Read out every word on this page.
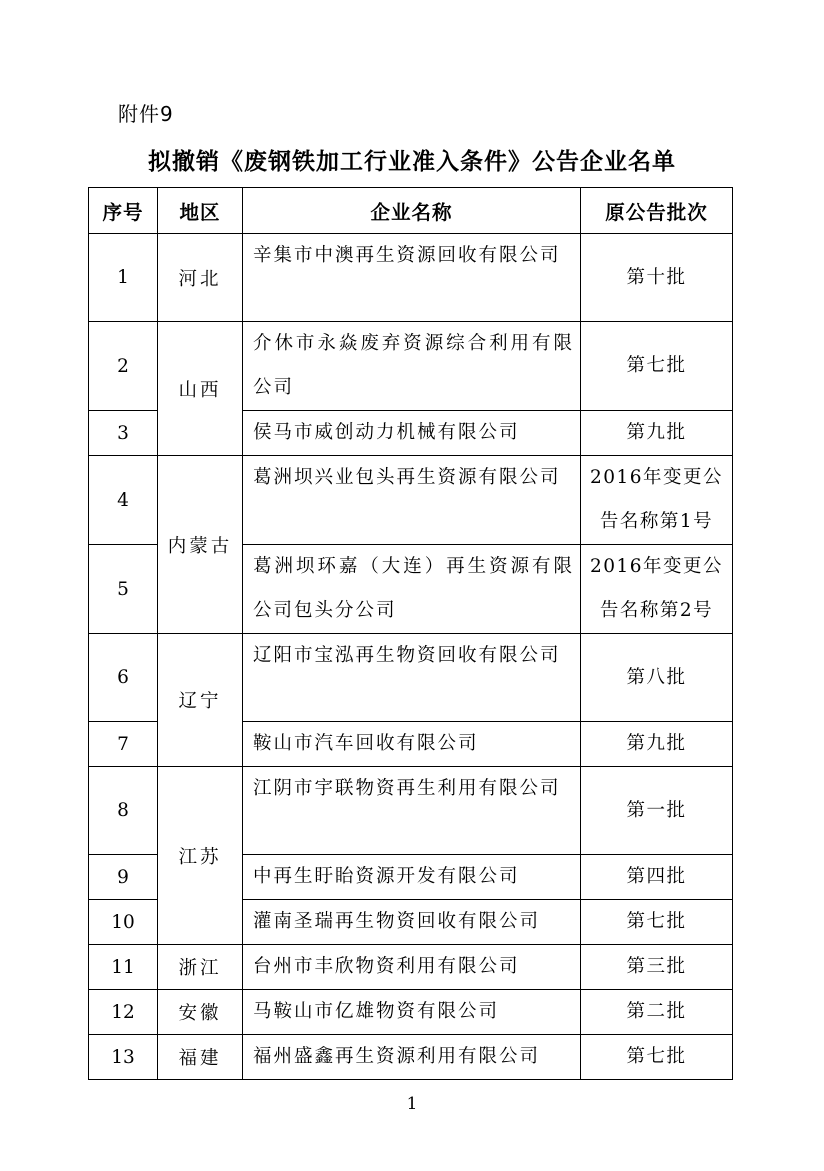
附件9
拟撤销《废钢铁加工行业准入条件》公告企业名单
序号	地区	企业名称	原公告批次
1	河北	辛集市中澳再生资源回收有限公司	第十批
2	山西	介休市永焱废弃资源综合利用有限公司	第七批
3		侯马市威创动力机械有限公司	第九批
4	内蒙古	葛洲坝兴业包头再生资源有限公司	2016年变更公告名称第1号
5		葛洲坝环嘉（大连）再生资源有限公司包头分公司	2016年变更公告名称第2号
6	辽宁	辽阳市宝泓再生物资回收有限公司	第八批
7		鞍山市汽车回收有限公司	第九批
8	江苏	江阴市宇联物资再生利用有限公司	第一批
9		中再生盱眙资源开发有限公司	第四批
10		灌南圣瑞再生物资回收有限公司	第七批
11	浙江	台州市丰欣物资利用有限公司	第三批
12	安徽	马鞍山市亿雄物资有限公司	第二批
13	福建	福州盛鑫再生资源利用有限公司	第七批
1
